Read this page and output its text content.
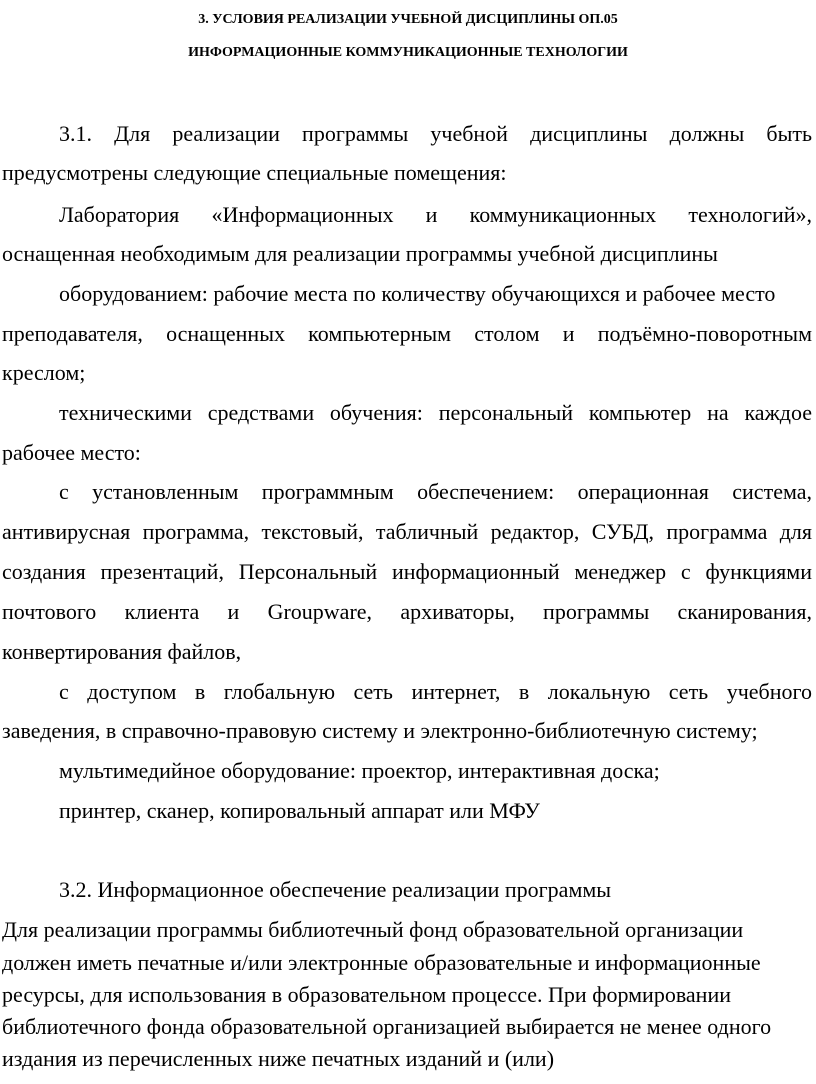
3. УСЛОВИЯ РЕАЛИЗАЦИИ УЧЕБНОЙ ДИСЦИПЛИНЫ ОП.05
ИНФОРМАЦИОННЫЕ КОММУНИКАЦИОННЫЕ ТЕХНОЛОГИИ
3.1. Для реализации программы учебной дисциплины должны быть
предусмотрены следующие специальные помещения:
Лаборатория «Информационных и коммуникационных технологий»,
оснащенная необходимым для реализации программы учебной дисциплины
оборудованием: рабочие места по количеству обучающихся и рабочее место
преподавателя, оснащенных компьютерным столом и подъёмно-поворотным
креслом;
техническими средствами обучения: персональный компьютер на каждое
рабочее место:
с установленным программным обеспечением: операционная система,
антивирусная программа, текстовый, табличный редактор, СУБД, программа для
создания презентаций, Персональный информационный менеджер с функциями
почтового клиента и Groupware, архиваторы, программы сканирования,
конвертирования файлов,
с доступом в глобальную сеть интернет, в локальную сеть учебного
заведения, в справочно-правовую систему и электронно-библиотечную систему;
мультимедийное оборудование: проектор, интерактивная доска;
принтер, сканер, копировальный аппарат или МФУ
3.2. Информационное обеспечение реализации программы
Для реализации программы библиотечный фонд образовательной организации
должен иметь печатные и/или электронные образовательные и информационные
ресурсы, для использования в образовательном процессе. При формировании
библиотечного фонда образовательной организацией выбирается не менее одного
издания из перечисленных ниже печатных изданий и (или)
